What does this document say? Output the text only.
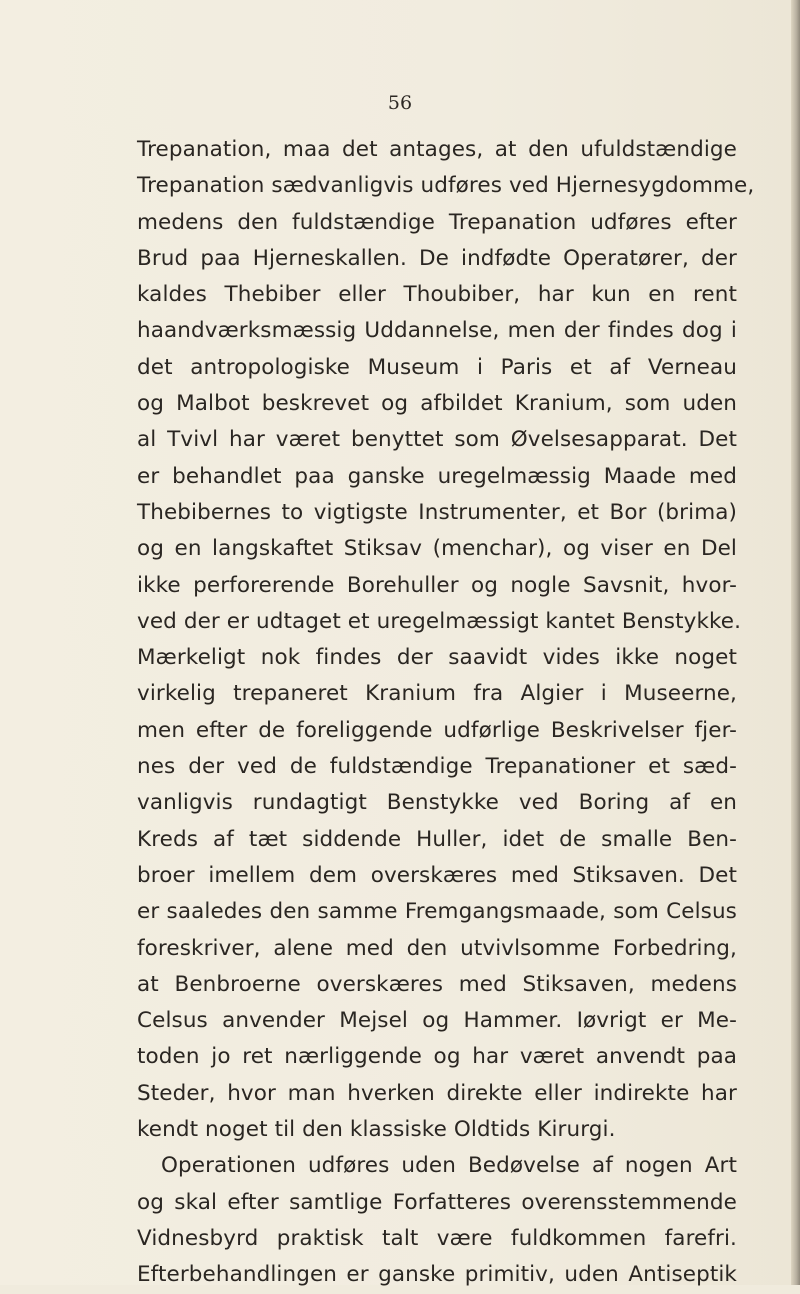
56
Trepanation, maa det antages, at den ufuldstændige
Trepanation sædvanligvis udføres ved Hjernesygdomme,
medens den fuldstændige Trepanation udføres efter
Brud paa Hjerneskallen. De indfødte Operatører, der
kaldes Thebiber eller Thoubiber, har kun en rent
haandværksmæssig Uddannelse, men der findes dog i
det antropologiske Museum i Paris et af Verneau
og Malbot beskrevet og afbildet Kranium, som uden
al Tvivl har været benyttet som Øvelsesapparat. Det
er behandlet paa ganske uregelmæssig Maade med
Thebibernes to vigtigste Instrumenter, et Bor (brima)
og en langskaftet Stiksav (menchar), og viser en Del
ikke perforerende Borehuller og nogle Savsnit, hvor-
ved der er udtaget et uregelmæssigt kantet Benstykke.
Mærkeligt nok findes der saavidt vides ikke noget
virkelig trepaneret Kranium fra Algier i Museerne,
men efter de foreliggende udførlige Beskrivelser fjer-
nes der ved de fuldstændige Trepanationer et sæd-
vanligvis rundagtigt Benstykke ved Boring af en
Kreds af tæt siddende Huller, idet de smalle Ben-
broer imellem dem overskæres med Stiksaven. Det
er saaledes den samme Fremgangsmaade, som Celsus
foreskriver, alene med den utvivlsomme Forbedring,
at Benbroerne overskæres med Stiksaven, medens
Celsus anvender Mejsel og Hammer. Iøvrigt er Me-
toden jo ret nærliggende og har været anvendt paa
Steder, hvor man hverken direkte eller indirekte har
kendt noget til den klassiske Oldtids Kirurgi.
Operationen udføres uden Bedøvelse af nogen Art
og skal efter samtlige Forfatteres overensstemmende
Vidnesbyrd praktisk talt være fuldkommen farefri.
Efterbehandlingen er ganske primitiv, uden Antiseptik
